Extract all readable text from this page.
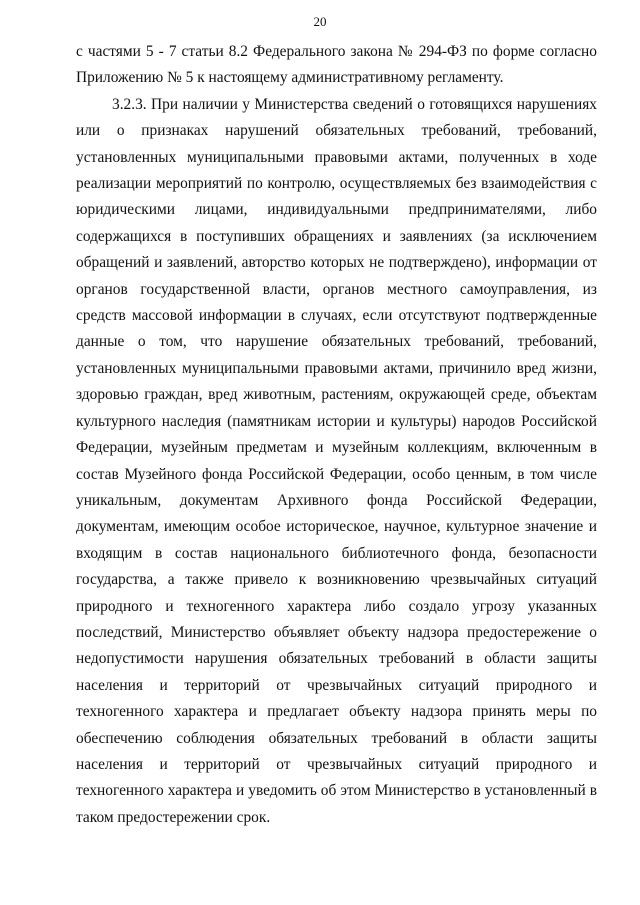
20

с частями 5 - 7 статьи 8.2 Федерального закона № 294-ФЗ по форме согласно
Приложению № 5 к настоящему административному регламенту.

3.2.3. При наличии у Министерства сведений о готовящихся нарушениях
или о признаках нарушений обязательных требований, требований,
установленных муниципальными правовыми актами, полученных в ходе
реализации мероприятий по контролю, осуществляемых без взаимодействия с
юридическими лицами, индивидуальными предпринимателями, либо
содержащихся в поступивших обращениях и заявлениях (за исключением
обращений и заявлений, авторство которых не подтверждено), информации от
органов государственной власти, органов местного самоуправления, из
средств массовой информации в случаях, если отсутствуют подтвержденные
данные о том, что нарушение обязательных требований, требований,
установленных муниципальными правовыми актами, причинило вред жизни,
здоровью граждан, вред животным, растениям, окружающей среде, объектам
культурного наследия (памятникам истории и культуры) народов Российской
Федерации, музейным предметам и музейным коллекциям, включенным в
состав Музейного фонда Российской Федерации, особо ценным, в том числе
уникальным, документам Архивного фонда Российской Федерации,
документам, имеющим особое историческое, научное, культурное значение и
входящим в состав национального библиотечного фонда, безопасности
государства, а также привело к возникновению чрезвычайных ситуаций
природного и техногенного характера либо создало угрозу указанных
последствий, Министерство объявляет объекту надзора предостережение о
недопустимости нарушения обязательных требований в области защиты
населения и территорий от чрезвычайных ситуаций природного и
техногенного характера и предлагает объекту надзора принять меры по
обеспечению соблюдения обязательных требований в области защиты
населения и территорий от чрезвычайных ситуаций природного и
техногенного характера и уведомить об этом Министерство в установленный в
таком предостережении срок.
